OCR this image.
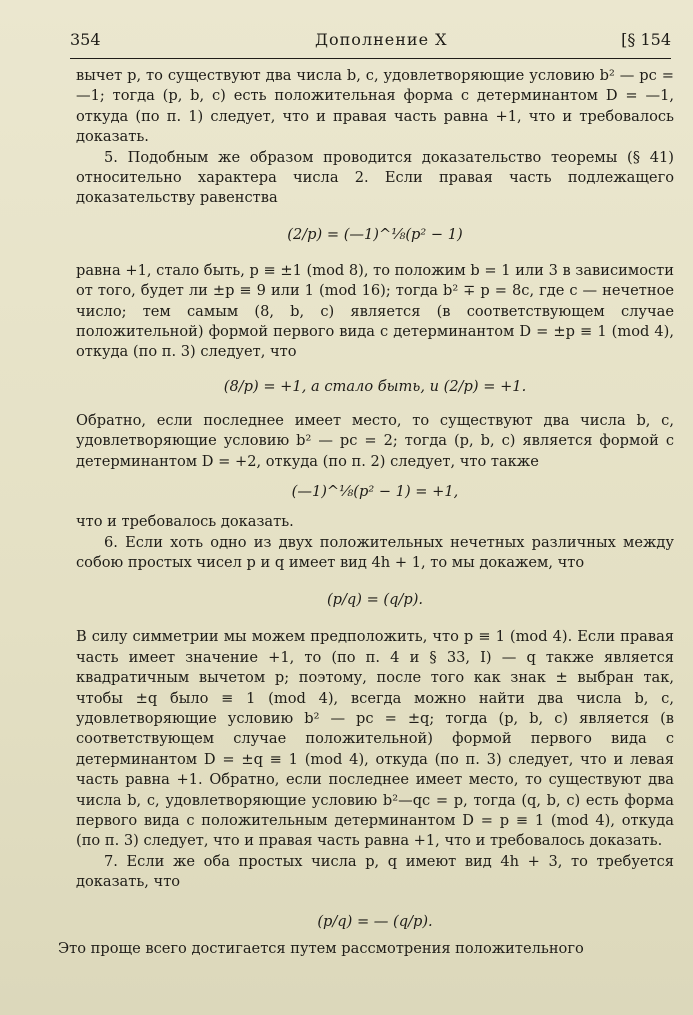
354	Дополнение X	[§ 154

вычет p, то существуют два числа b, c, удовлетворяющие условию b² — pc = —1; тогда (p, b, c) есть положительная форма с детерминантом D = —1, откуда (по п. 1) следует, что и правая часть равна +1, что и требовалось доказать.

5. Подобным же образом проводится доказательство теоремы (§ 41) относительно характера числа 2. Если правая часть подлежащего доказательству равенства

(2/p) = (—1)^⅛(p² − 1)

равна +1, стало быть, p ≡ ±1 (mod 8), то положим b = 1 или 3 в зависимости от того, будет ли ±p ≡ 9 или 1 (mod 16); тогда b² ∓ p = 8c, где c — нечетное число; тем самым (8, b, c) является (в соответствующем случае положительной) формой первого вида с детерминантом D = ±p ≡ 1 (mod 4), откуда (по п. 3) следует, что

(8/p) = +1, а стало быть, и (2/p) = +1.

Обратно, если последнее имеет место, то существуют два числа b, c, удовлетворяющие условию b² — pc = 2; тогда (p, b, c) является формой с детерминантом D = +2, откуда (по п. 2) следует, что также

(—1)^⅛(p² − 1) = +1,

что и требовалось доказать.

6. Если хоть одно из двух положительных нечетных различных между собою простых чисел p и q имеет вид 4h + 1, то мы докажем, что

(p/q) = (q/p).

В силу симметрии мы можем предположить, что p ≡ 1 (mod 4). Если правая часть имеет значение +1, то (по п. 4 и § 33, I) — q также является квадратичным вычетом p; поэтому, после того как знак ± выбран так, чтобы ±q было ≡ 1 (mod 4), всегда можно найти два числа b, c, удовлетворяющие условию b² — pc = ±q; тогда (p, b, c) является (в соответствующем случае положительной) формой первого вида с детерминантом D = ±q ≡ 1 (mod 4), откуда (по п. 3) следует, что и левая часть равна +1. Обратно, если последнее имеет место, то существуют два числа b, c, удовлетворяющие условию b²—qc = p, тогда (q, b, c) есть форма первого вида с положительным детерминантом D = p ≡ 1 (mod 4), откуда (по п. 3) следует, что и правая часть равна +1, что и требовалось доказать.

7. Если же оба простых числа p, q имеют вид 4h + 3, то требуется доказать, что

(p/q) = — (q/p).
Это проще всего достигается путем рассмотрения положительного
